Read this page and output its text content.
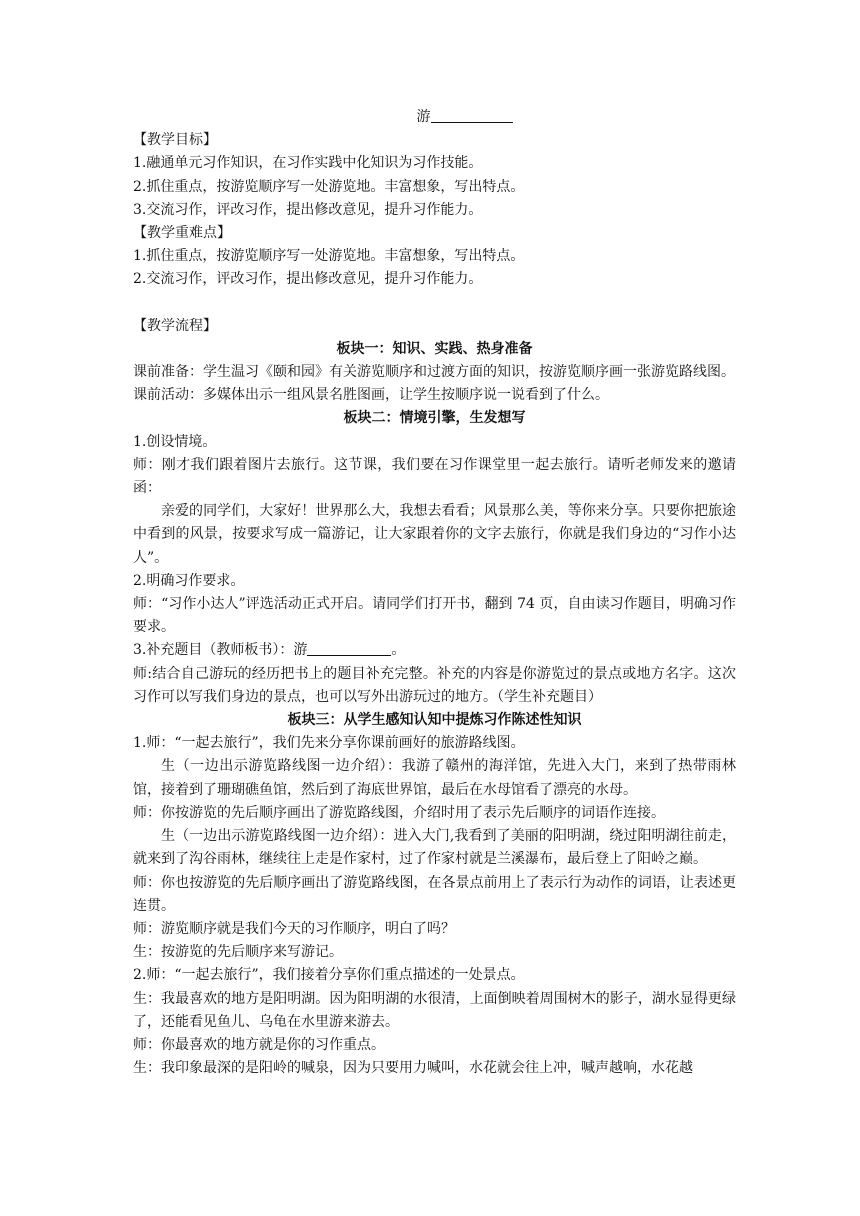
游

【教学目标】

1.融通单元习作知识，在习作实践中化知识为习作技能。

2.抓住重点，按游览顺序写一处游览地。丰富想象，写出特点。

3.交流习作，评改习作，提出修改意见，提升习作能力。

【教学重难点】

1.抓住重点，按游览顺序写一处游览地。丰富想象，写出特点。

2.交流习作，评改习作，提出修改意见，提升习作能力。

【教学流程】

板块一：知识、实践、热身准备

课前准备：学生温习《颐和园》有关游览顺序和过渡方面的知识，按游览顺序画一张游览路线图。

课前活动：多媒体出示一组风景名胜图画，让学生按顺序说一说看到了什么。

板块二：情境引擎，生发想写

1.创设情境。

师：刚才我们跟着图片去旅行。这节课，我们要在习作课堂里一起去旅行。请听老师发来的邀请函：

亲爱的同学们，大家好！世界那么大，我想去看看；风景那么美，等你来分享。只要你把旅途中看到的风景，按要求写成一篇游记，让大家跟着你的文字去旅行，你就是我们身边的“习作小达人”。

2.明确习作要求。

师：“习作小达人”评选活动正式开启。请同学们打开书，翻到 74 页，自由读习作题目，明确习作要求。

3.补充题目（教师板书）：游	。

师:结合自己游玩的经历把书上的题目补充完整。补充的内容是你游览过的景点或地方名字。这次习作可以写我们身边的景点，也可以写外出游玩过的地方。（学生补充题目）

板块三：从学生感知认知中提炼习作陈述性知识

1.师：“一起去旅行”，我们先来分享你课前画好的旅游路线图。

生（一边出示游览路线图一边介绍）：我游了赣州的海洋馆，先进入大门，来到了热带雨林馆，接着到了珊瑚礁鱼馆，然后到了海底世界馆，最后在水母馆看了漂亮的水母。

师：你按游览的先后顺序画出了游览路线图，介绍时用了表示先后顺序的词语作连接。

生（一边出示游览路线图一边介绍）：进入大门,我看到了美丽的阳明湖，绕过阳明湖往前走，就来到了沟谷雨林，继续往上走是作家村，过了作家村就是兰溪瀑布，最后登上了阳岭之巅。

师：你也按游览的先后顺序画出了游览路线图，在各景点前用上了表示行为动作的词语，让表述更连贯。

师：游览顺序就是我们今天的习作顺序，明白了吗？

生：按游览的先后顺序来写游记。

2.师：“一起去旅行”，我们接着分享你们重点描述的一处景点。

生：我最喜欢的地方是阳明湖。因为阳明湖的水很清，上面倒映着周围树木的影子，湖水显得更绿了，还能看见鱼儿、乌龟在水里游来游去。

师：你最喜欢的地方就是你的习作重点。

生：我印象最深的是阳岭的喊泉，因为只要用力喊叫，水花就会往上冲，喊声越响，水花越
